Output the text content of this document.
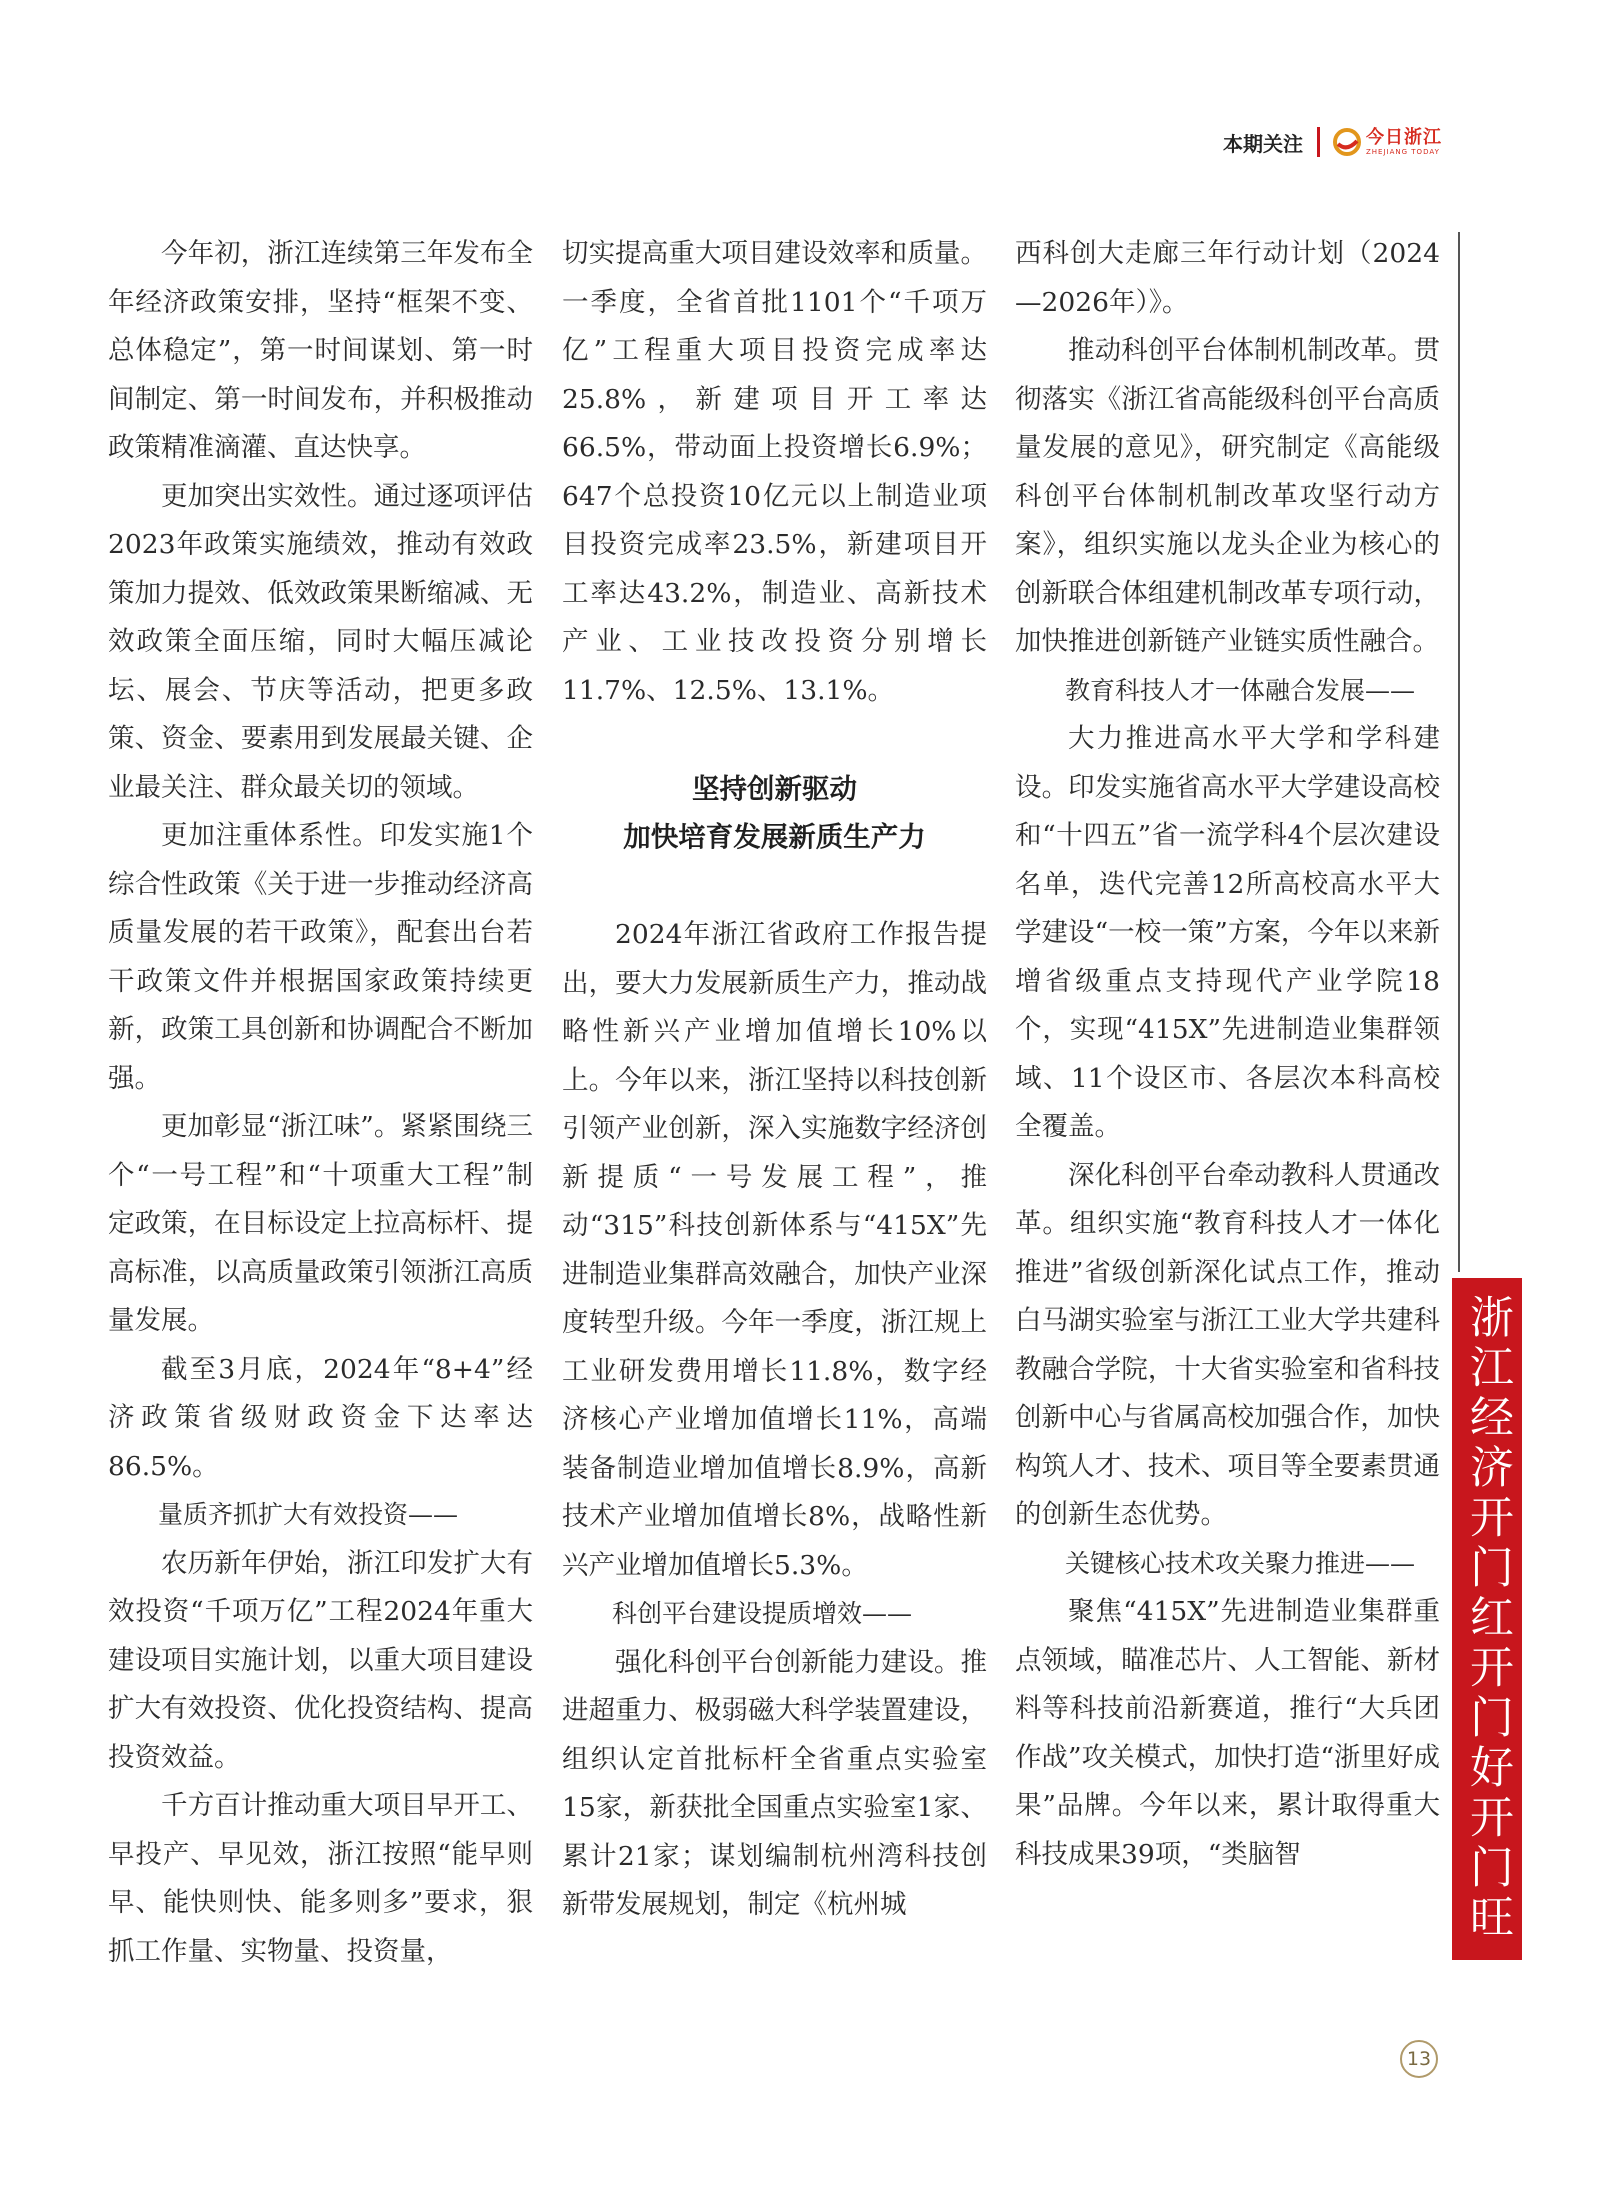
本期关注	今日浙江
ZHEJIANG TODAY

今年初，浙江连续第三年发布全年经济政策安排，坚持“框架不变、总体稳定”，第一时间谋划、第一时间制定、第一时间发布，并积极推动政策精准滴灌、直达快享。

更加突出实效性。通过逐项评估2023年政策实施绩效，推动有效政策加力提效、低效政策果断缩减、无效政策全面压缩，同时大幅压减论坛、展会、节庆等活动，把更多政策、资金、要素用到发展最关键、企业最关注、群众最关切的领域。

更加注重体系性。印发实施1个综合性政策《关于进一步推动经济高质量发展的若干政策》，配套出台若干政策文件并根据国家政策持续更新，政策工具创新和协调配合不断加强。

更加彰显“浙江味”。紧紧围绕三个“一号工程”和“十项重大工程”制定政策，在目标设定上拉高标杆、提高标准，以高质量政策引领浙江高质量发展。

截至3月底，2024年“8+4”经济政策省级财政资金下达率达86.5%。

量质齐抓扩大有效投资——

农历新年伊始，浙江印发扩大有效投资“千项万亿”工程2024年重大建设项目实施计划，以重大项目建设扩大有效投资、优化投资结构、提高投资效益。

千方百计推动重大项目早开工、早投产、早见效，浙江按照“能早则早、能快则快、能多则多”要求，狠抓工作量、实物量、投资量，

切实提高重大项目建设效率和质量。一季度，全省首批1101个“千项万亿”工程重大项目投资完成率达25.8%，新建项目开工率达66.5%，带动面上投资增长6.9%；647个总投资10亿元以上制造业项目投资完成率23.5%，新建项目开工率达43.2%，制造业、高新技术产业、工业技改投资分别增长11.7%、12.5%、13.1%。

坚持创新驱动
加快培育发展新质生产力

2024年浙江省政府工作报告提出，要大力发展新质生产力，推动战略性新兴产业增加值增长10%以上。今年以来，浙江坚持以科技创新引领产业创新，深入实施数字经济创新提质“一号发展工程”，推动“315”科技创新体系与“415X”先进制造业集群高效融合，加快产业深度转型升级。今年一季度，浙江规上工业研发费用增长11.8%，数字经济核心产业增加值增长11%，高端装备制造业增加值增长8.9%，高新技术产业增加值增长8%，战略性新兴产业增加值增长5.3%。

科创平台建设提质增效——

强化科创平台创新能力建设。推进超重力、极弱磁大科学装置建设，组织认定首批标杆全省重点实验室15家，新获批全国重点实验室1家、累计21家；谋划编制杭州湾科技创新带发展规划，制定《杭州城

西科创大走廊三年行动计划（2024—2026年）》。

推动科创平台体制机制改革。贯彻落实《浙江省高能级科创平台高质量发展的意见》，研究制定《高能级科创平台体制机制改革攻坚行动方案》，组织实施以龙头企业为核心的创新联合体组建机制改革专项行动，加快推进创新链产业链实质性融合。

教育科技人才一体融合发展——

大力推进高水平大学和学科建设。印发实施省高水平大学建设高校和“十四五”省一流学科4个层次建设名单，迭代完善12所高校高水平大学建设“一校一策”方案，今年以来新增省级重点支持现代产业学院18个，实现“415X”先进制造业集群领域、11个设区市、各层次本科高校全覆盖。

深化科创平台牵动教科人贯通改革。组织实施“教育科技人才一体化推进”省级创新深化试点工作，推动白马湖实验室与浙江工业大学共建科教融合学院，十大省实验室和省科技创新中心与省属高校加强合作，加快构筑人才、技术、项目等全要素贯通的创新生态优势。

关键核心技术攻关聚力推进——

聚焦“415X”先进制造业集群重点领域，瞄准芯片、人工智能、新材料等科技前沿新赛道，推行“大兵团作战”攻关模式，加快打造“浙里好成果”品牌。今年以来，累计取得重大科技成果39项，“类脑智	浙江经济开门红开门好开门旺
13
